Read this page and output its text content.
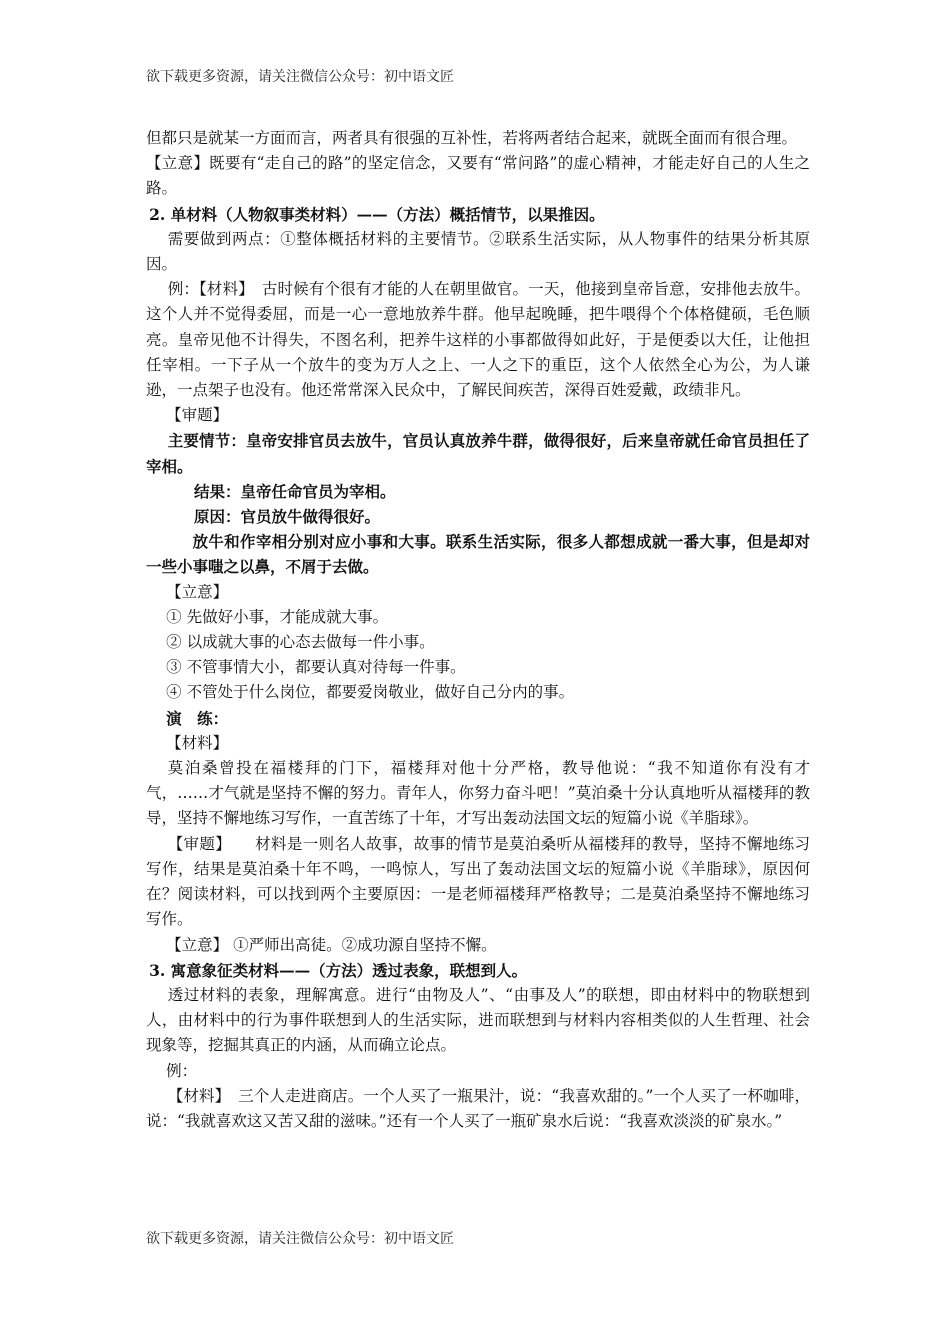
欲下载更多资源，请关注微信公众号：初中语文匠

但都只是就某一方面而言，两者具有很强的互补性，若将两者结合起来，就既全面而有很合理。

【立意】既要有“走自己的路”的坚定信念，又要有“常问路”的虚心精神，才能走好自己的人生之路。

2. 单材料（人物叙事类材料）——（方法）概括情节，以果推因。

需要做到两点：①整体概括材料的主要情节。②联系生活实际，从人物事件的结果分析其原因。

例：【材料】　古时候有个很有才能的人在朝里做官。一天，他接到皇帝旨意，安排他去放牛。这个人并不觉得委屈，而是一心一意地放养牛群。他早起晚睡，把牛喂得个个体格健硕，毛色顺亮。皇帝见他不计得失，不图名利，把养牛这样的小事都做得如此好，于是便委以大任，让他担任宰相。一下子从一个放牛的变为万人之上、一人之下的重臣，这个人依然全心为公，为人谦逊，一点架子也没有。他还常常深入民众中，了解民间疾苦，深得百姓爱戴，政绩非凡。

【审题】

主要情节：皇帝安排官员去放牛，官员认真放养牛群，做得很好，后来皇帝就任命官员担任了宰相。

结果：皇帝任命官员为宰相。

原因：官员放牛做得很好。

放牛和作宰相分别对应小事和大事。联系生活实际，很多人都想成就一番大事，但是却对一些小事嗤之以鼻，不屑于去做。

【立意】

① 先做好小事，才能成就大事。

② 以成就大事的心态去做每一件小事。

③ 不管事情大小，都要认真对待每一件事。

④ 不管处于什么岗位，都要爱岗敬业，做好自己分内的事。

演　练：

【材料】

莫泊桑曾投在福楼拜的门下，福楼拜对他十分严格，教导他说：“我不知道你有没有才气，……才气就是坚持不懈的努力。青年人，你努力奋斗吧！”莫泊桑十分认真地听从福楼拜的教导，坚持不懈地练习写作，一直苦练了十年，才写出轰动法国文坛的短篇小说《羊脂球》。

【审题】　　材料是一则名人故事，故事的情节是莫泊桑听从福楼拜的教导，坚持不懈地练习写作，结果是莫泊桑十年不鸣，一鸣惊人，写出了轰动法国文坛的短篇小说《羊脂球》，原因何在？阅读材料，可以找到两个主要原因：一是老师福楼拜严格教导；二是莫泊桑坚持不懈地练习写作。

【立意】 ①严师出高徒。②成功源自坚持不懈。

3. 寓意象征类材料——（方法）透过表象，联想到人。

透过材料的表象，理解寓意。进行“由物及人”、“由事及人”的联想，即由材料中的物联想到人，由材料中的行为事件联想到人的生活实际，进而联想到与材料内容相类似的人生哲理、社会现象等，挖掘其真正的内涵，从而确立论点。

例：

【材料】　三个人走进商店。一个人买了一瓶果汁，说：“我喜欢甜的。”一个人买了一杯咖啡，说：“我就喜欢这又苦又甜的滋味。”还有一个人买了一瓶矿泉水后说：“我喜欢淡淡的矿泉水。”

欲下载更多资源，请关注微信公众号：初中语文匠
